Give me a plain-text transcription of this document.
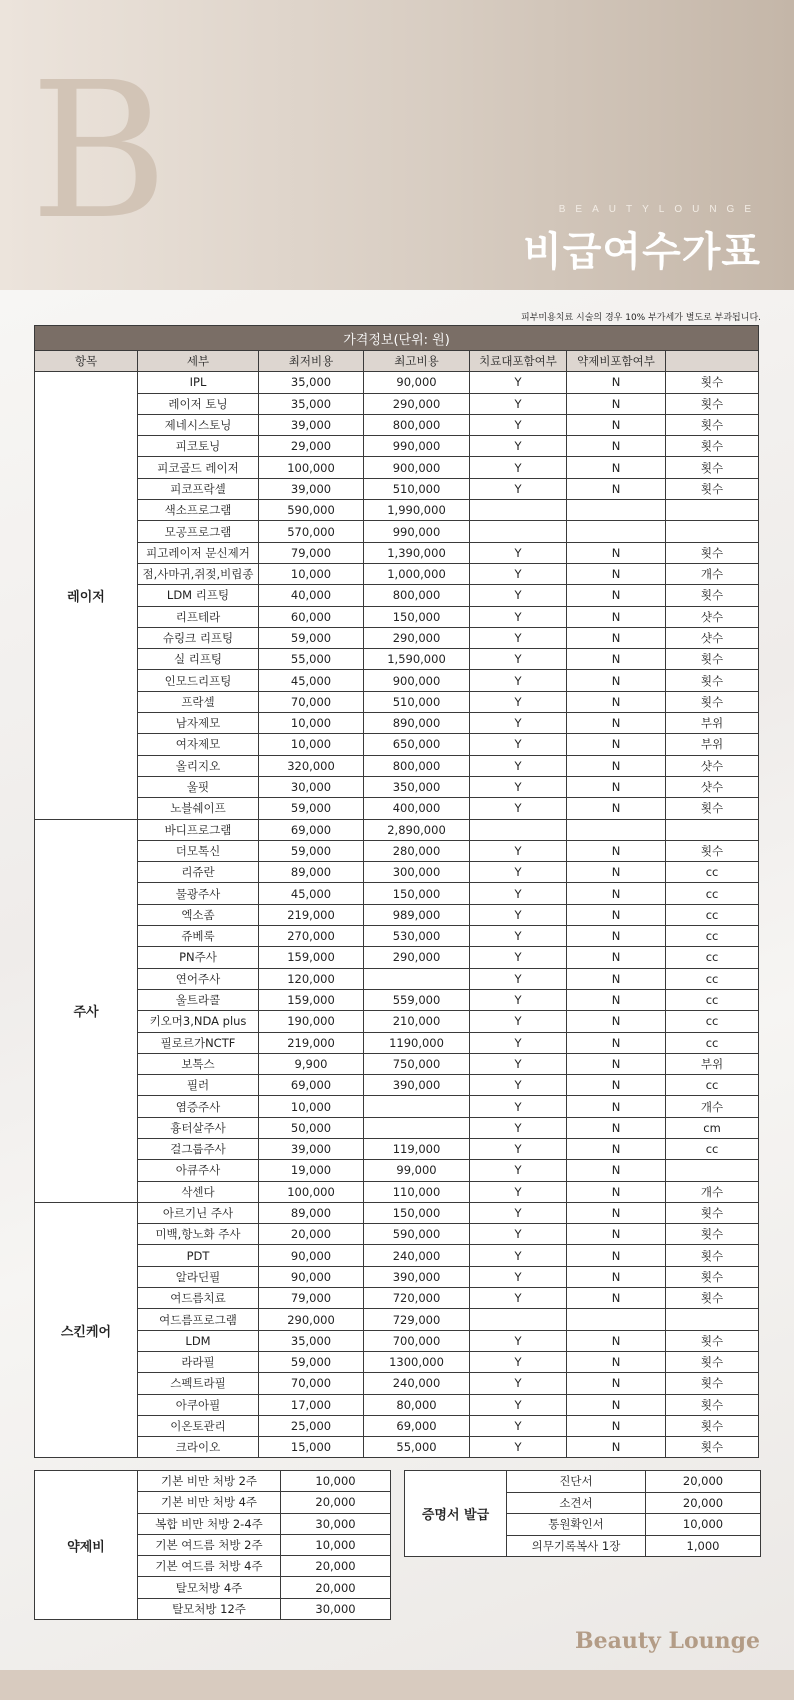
B	BEAUTYLOUNGE
비급여수가표
피부미용치료 시술의 경우 10% 부가세가 별도로 부과됩니다.
가격정보(단위: 원)						
항목	세부	최저비용	최고비용	치료대포함여부	약제비포함여부	
레이저	IPL	35,000	90,000	Y	N	횟수
	레이저 토닝	35,000	290,000	Y	N	횟수
	제네시스토닝	39,000	800,000	Y	N	횟수
	피코토닝	29,000	990,000	Y	N	횟수
	피코골드 레이저	100,000	900,000	Y	N	횟수
	피코프락셀	39,000	510,000	Y	N	횟수
	색소프로그램	590,000	1,990,000			
	모공프로그램	570,000	990,000			
	피고레이저 문신제거	79,000	1,390,000	Y	N	횟수
	점,사마귀,쥐젖,비립종	10,000	1,000,000	Y	N	개수
	LDM 리프팅	40,000	800,000	Y	N	횟수
	리프테라	60,000	150,000	Y	N	샷수
	슈링크 리프팅	59,000	290,000	Y	N	샷수
	실 리프팅	55,000	1,590,000	Y	N	횟수
	인모드리프팅	45,000	900,000	Y	N	횟수
	프락셀	70,000	510,000	Y	N	횟수
	남자제모	10,000	890,000	Y	N	부위
	여자제모	10,000	650,000	Y	N	부위
	올리지오	320,000	800,000	Y	N	샷수
	울핏	30,000	350,000	Y	N	샷수
	노블쉐이프	59,000	400,000	Y	N	횟수
주사	바디프로그램	69,000	2,890,000			
	더모톡신	59,000	280,000	Y	N	횟수
	리쥬란	89,000	300,000	Y	N	cc
	물광주사	45,000	150,000	Y	N	cc
	엑소좀	219,000	989,000	Y	N	cc
	쥬베룩	270,000	530,000	Y	N	cc
	PN주사	159,000	290,000	Y	N	cc
	연어주사	120,000		Y	N	cc
	울트라콜	159,000	559,000	Y	N	cc
	키오머3,NDA plus	190,000	210,000	Y	N	cc
	필로르가NCTF	219,000	1190,000	Y	N	cc
	보톡스	9,900	750,000	Y	N	부위
	필러	69,000	390,000	Y	N	cc
	염증주사	10,000		Y	N	개수
	흉터살주사	50,000		Y	N	cm
	걸그룹주사	39,000	119,000	Y	N	cc
	아큐주사	19,000	99,000	Y	N	
	삭센다	100,000	110,000	Y	N	개수
스킨케어	아르기닌 주사	89,000	150,000	Y	N	횟수
	미백,항노화 주사	20,000	590,000	Y	N	횟수
	PDT	90,000	240,000	Y	N	횟수
	알라딘필	90,000	390,000	Y	N	횟수
	여드름치료	79,000	720,000	Y	N	횟수
	여드름프로그램	290,000	729,000			
	LDM	35,000	700,000	Y	N	횟수
	라라필	59,000	1300,000	Y	N	횟수
	스펙트라필	70,000	240,000	Y	N	횟수
	아쿠아필	17,000	80,000	Y	N	횟수
	이온토관리	25,000	69,000	Y	N	횟수
	크라이오	15,000	55,000	Y	N	횟수
약제비	기본 비만 처방 2주	10,000
	기본 비만 처방 4주	20,000
	복합 비만 처방 2-4주	30,000
	기본 여드름 처방 2주	10,000
	기본 여드름 처방 4주	20,000
	탈모처방 4주	20,000
	탈모처방 12주	30,000
증명서 발급	진단서	20,000
	소견서	20,000
	통원확인서	10,000
	의무기록복사 1장	1,000
Beauty Lounge
